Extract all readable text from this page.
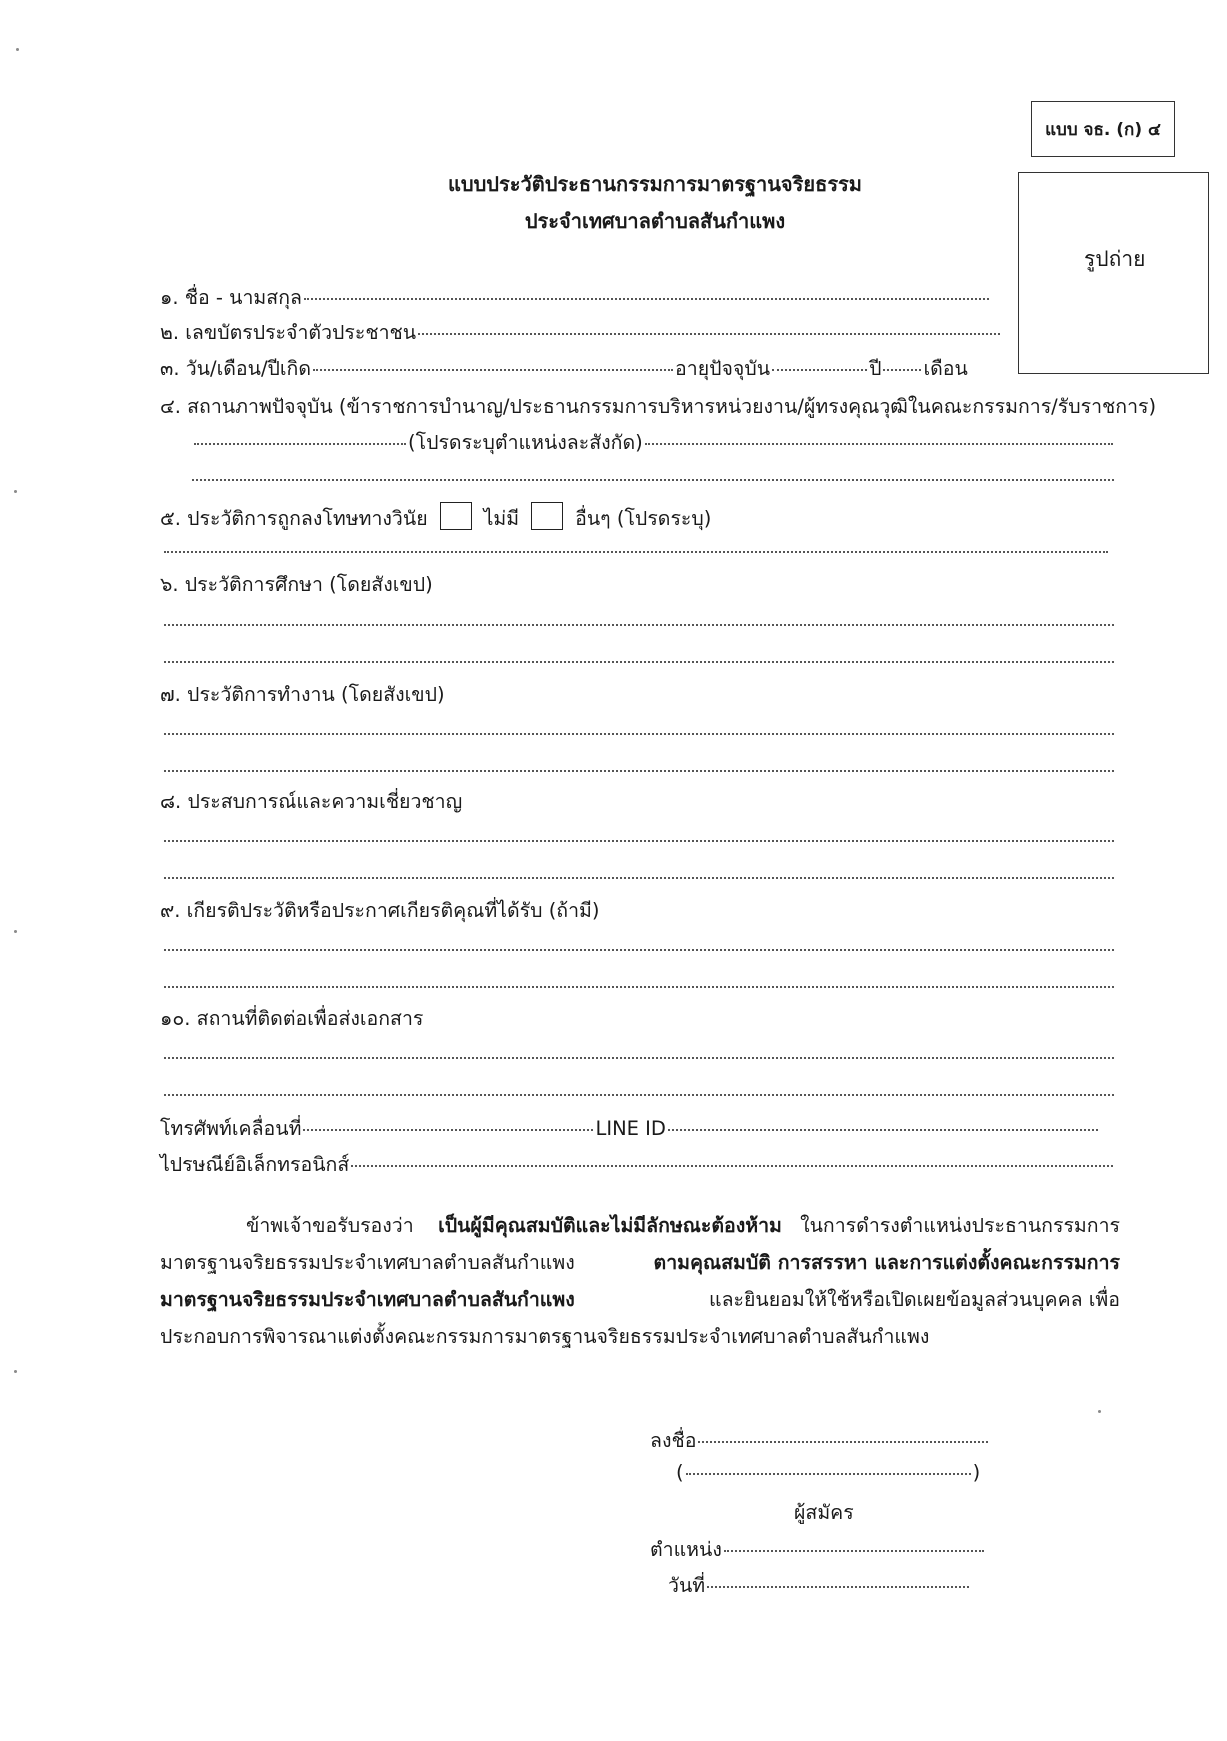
แบบ จธ. (ก) ๔
รูปถ่าย
แบบประวัติประธานกรรมการมาตรฐานจริยธรรม
ประจำเทศบาลตำบลสันกำแพง
๑. ชื่อ - นามสกุล
๒. เลขบัตรประจำตัวประชาชน
๓. วัน/เดือน/ปีเกิด	อายุปัจจุบัน	ปี เดือน
๔. สถานภาพปัจจุบัน (ข้าราชการบำนาญ/ประธานกรรมการบริหารหน่วยงาน/ผู้ทรงคุณวุฒิในคณะกรรมการ/รับราชการ)
(โปรดระบุตำแหน่งละสังกัด)
๕. ประวัติการถูกลงโทษทางวินัย	ไม่มี	อื่นๆ (โปรดระบุ)
๖. ประวัติการศึกษา (โดยสังเขป)
๗. ประวัติการทำงาน (โดยสังเขป)
๘. ประสบการณ์และความเชี่ยวชาญ
๙. เกียรติประวัติหรือประกาศเกียรติคุณที่ได้รับ (ถ้ามี)
๑๐. สถานที่ติดต่อเพื่อส่งเอกสาร
โทรศัพท์เคลื่อนที่	LINE ID
ไปรษณีย์อิเล็กทรอนิกส์
ข้าพเจ้าขอรับรองว่า เป็นผู้มีคุณสมบัติและไม่มีลักษณะต้องห้าม ในการดำรงตำแหน่งประธานกรรมการ
มาตรฐานจริยธรรมประจำเทศบาลตำบลสันกำแพง	ตามคุณสมบัติ การสรรหา และการแต่งตั้งคณะกรรมการ
มาตรฐานจริยธรรมประจำเทศบาลตำบลสันกำแพง	และยินยอมให้ใช้หรือเปิดเผยข้อมูลส่วนบุคคล เพื่อ
ประกอบการพิจารณาแต่งตั้งคณะกรรมการมาตรฐานจริยธรรมประจำเทศบาลตำบลสันกำแพง
ลงชื่อ
(	)
ผู้สมัคร
ตำแหน่ง
วันที่
